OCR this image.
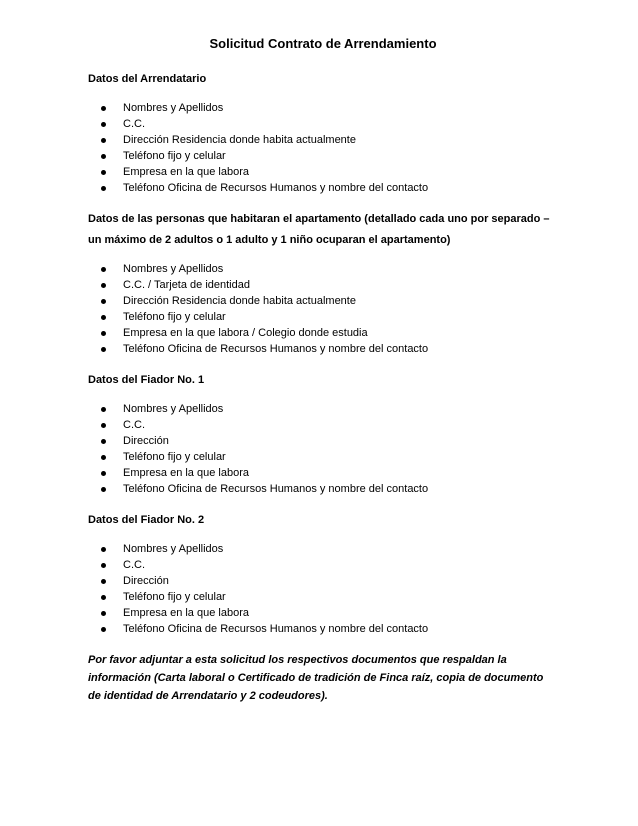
Solicitud Contrato de Arrendamiento
Datos del Arrendatario
Nombres y Apellidos
C.C.
Dirección Residencia donde habita actualmente
Teléfono fijo y celular
Empresa en la que labora
Teléfono Oficina de Recursos Humanos y nombre del contacto
Datos de las personas que habitaran el apartamento (detallado cada uno por separado – un máximo de 2 adultos o 1 adulto y 1 niño ocuparan el apartamento)
Nombres y Apellidos
C.C. / Tarjeta de identidad
Dirección Residencia donde habita actualmente
Teléfono fijo y celular
Empresa en la que labora / Colegio donde estudia
Teléfono Oficina de Recursos Humanos y nombre del contacto
Datos del Fiador No. 1
Nombres y Apellidos
C.C.
Dirección
Teléfono fijo y celular
Empresa en la que labora
Teléfono Oficina de Recursos Humanos y nombre del contacto
Datos del Fiador No. 2
Nombres y Apellidos
C.C.
Dirección
Teléfono fijo y celular
Empresa en la que labora
Teléfono Oficina de Recursos Humanos y nombre del contacto
Por favor adjuntar a esta solicitud los respectivos documentos que respaldan la información (Carta laboral o Certificado de tradición de Finca raíz, copia de documento de identidad de Arrendatario y 2 codeudores).
